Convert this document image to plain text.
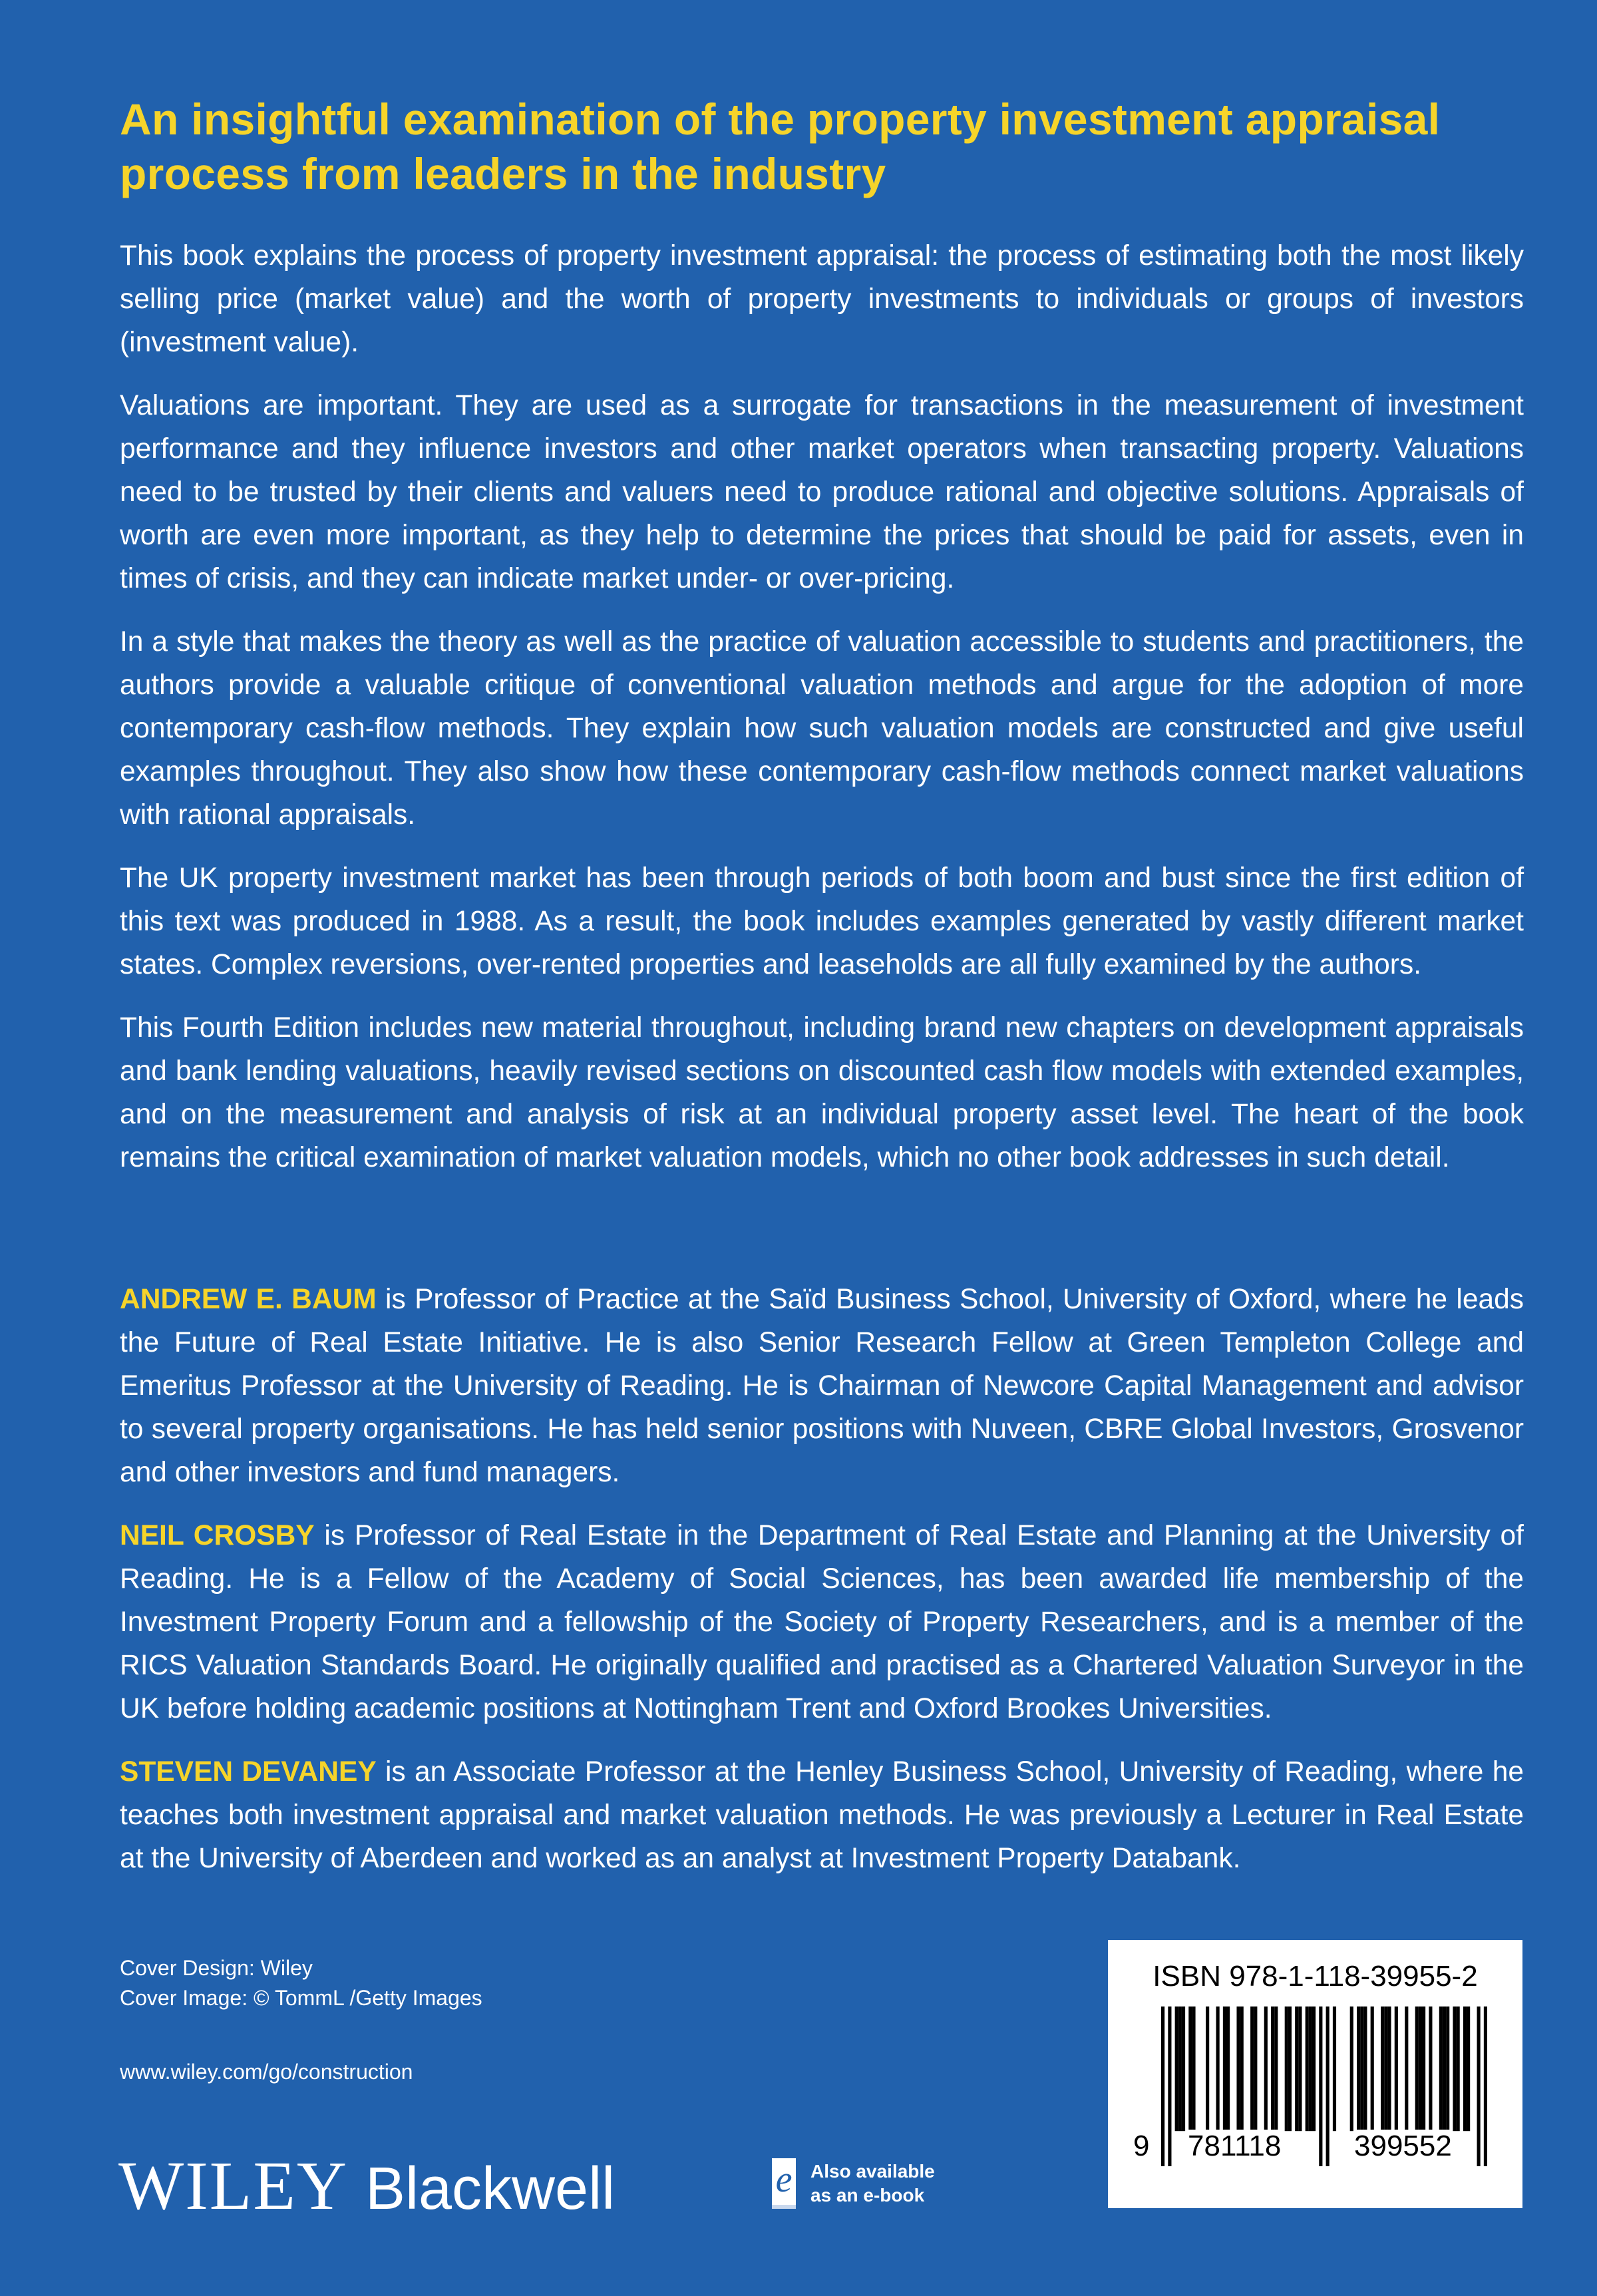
An insightful examination of the property investment appraisal process from leaders in the industry

This book explains the process of property investment appraisal: the process of estimating both the most likely selling price (market value) and the worth of property investments to individuals or groups of investors (investment value).

Valuations are important. They are used as a surrogate for transactions in the measurement of investment performance and they influence investors and other market operators when transacting property. Valuations need to be trusted by their clients and valuers need to produce rational and objective solutions. Appraisals of worth are even more important, as they help to determine the prices that should be paid for assets, even in times of crisis, and they can indicate market under- or over-pricing.

In a style that makes the theory as well as the practice of valuation accessible to students and practitioners, the authors provide a valuable critique of conventional valuation methods and argue for the adoption of more contemporary cash-flow methods. They explain how such valuation models are constructed and give useful examples throughout. They also show how these contemporary cash-flow methods connect market valuations with rational appraisals.

The UK property investment market has been through periods of both boom and bust since the first edition of this text was produced in 1988. As a result, the book includes examples generated by vastly different market states. Complex reversions, over-rented properties and leaseholds are all fully examined by the authors.

This Fourth Edition includes new material throughout, including brand new chapters on development appraisals and bank lending valuations, heavily revised sections on discounted cash flow models with extended examples, and on the measurement and analysis of risk at an individual property asset level. The heart of the book remains the critical examination of market valuation models, which no other book addresses in such detail.

ANDREW E. BAUM is Professor of Practice at the Saïd Business School, University of Oxford, where he leads the Future of Real Estate Initiative. He is also Senior Research Fellow at Green Templeton College and Emeritus Professor at the University of Reading. He is Chairman of Newcore Capital Management and advisor to several property organisations. He has held senior positions with Nuveen, CBRE Global Investors, Grosvenor and other investors and fund managers.

NEIL CROSBY is Professor of Real Estate in the Department of Real Estate and Planning at the University of Reading. He is a Fellow of the Academy of Social Sciences, has been awarded life membership of the Investment Property Forum and a fellowship of the Society of Property Researchers, and is a member of the RICS Valuation Standards Board. He originally qualified and practised as a Chartered Valuation Surveyor in the UK before holding academic positions at Nottingham Trent and Oxford Brookes Universities.

STEVEN DEVANEY is an Associate Professor at the Henley Business School, University of Reading, where he teaches both investment appraisal and market valuation methods. He was previously a Lecturer in Real Estate at the University of Aberdeen and worked as an analyst at Investment Property Databank.

Cover Design: Wiley
Cover Image: © TommL /Getty Images
www.wiley.com/go/construction
WILEY Blackwell	e Also available
as an e-book
ISBN 978-1-118-39955-2
9 781118 399552
